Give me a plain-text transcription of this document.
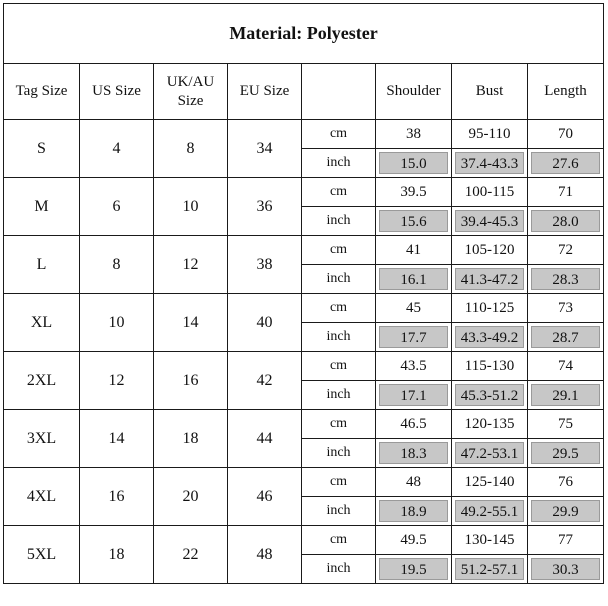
Material: Polyester							
Tag Size	US Size	UK/AU Size	EU Size		Shoulder	Bust	Length
S	4	8	34	cm	38	95-110	70
				inch	15.0	37.4-43.3	27.6

M	6	10	36	cm	39.5	100-115	71
				inch	15.6	39.4-45.3	28.0

L	8	12	38	cm	41	105-120	72
				inch	16.1	41.3-47.2	28.3

XL	10	14	40	cm	45	110-125	73
				inch	17.7	43.3-49.2	28.7

2XL	12	16	42	cm	43.5	115-130	74
				inch	17.1	45.3-51.2	29.1

3XL	14	18	44	cm	46.5	120-135	75
				inch	18.3	47.2-53.1	29.5

4XL	16	20	46	cm	48	125-140	76
				inch	18.9	49.2-55.1	29.9

5XL	18	22	48	cm	49.5	130-145	77
				inch	19.5	51.2-57.1	30.3
